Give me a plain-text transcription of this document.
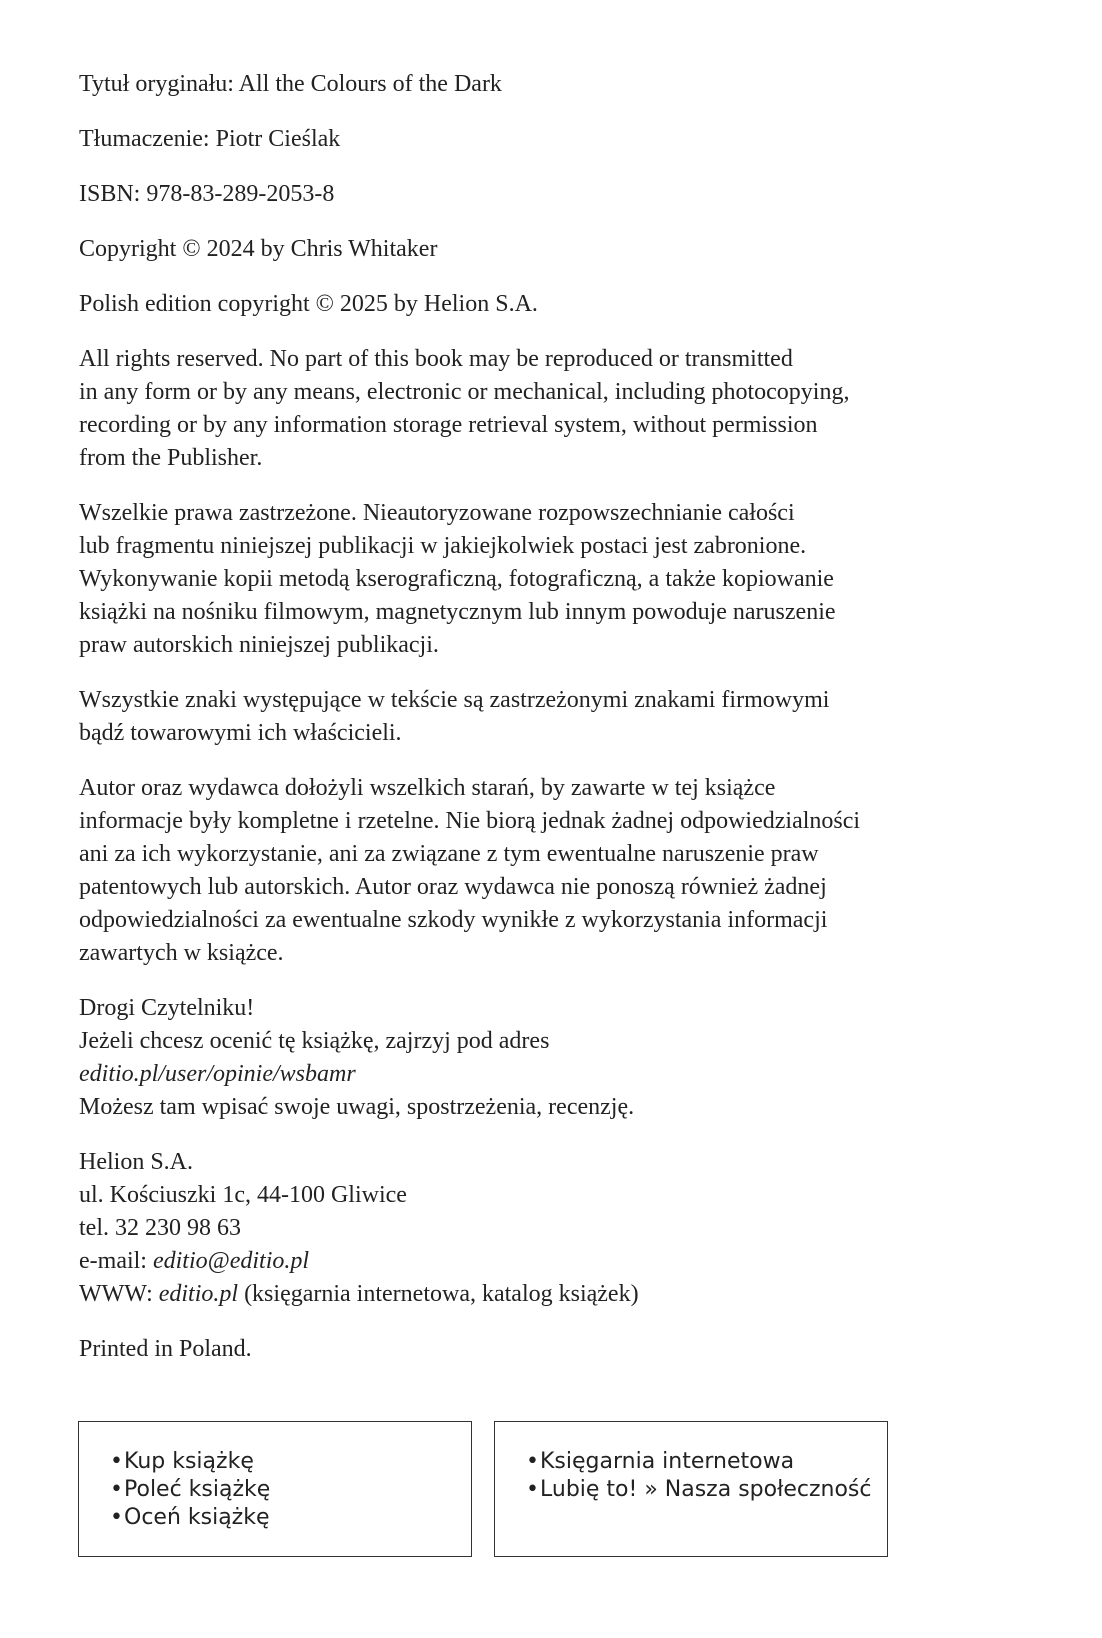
Tytuł oryginału: All the Colours of the Dark

Tłumaczenie: Piotr Cieślak

ISBN: 978-83-289-2053-8

Copyright © 2024 by Chris Whitaker

Polish edition copyright © 2025 by Helion S.A.

All rights reserved. No part of this book may be reproduced or transmitted
in any form or by any means, electronic or mechanical, including photocopying,
recording or by any information storage retrieval system, without permission
from the Publisher.

Wszelkie prawa zastrzeżone. Nieautoryzowane rozpowszechnianie całości
lub fragmentu niniejszej publikacji w jakiejkolwiek postaci jest zabronione.
Wykonywanie kopii metodą kserograficzną, fotograficzną, a także kopiowanie
książki na nośniku filmowym, magnetycznym lub innym powoduje naruszenie
praw autorskich niniejszej publikacji.

Wszystkie znaki występujące w tekście są zastrzeżonymi znakami firmowymi
bądź towarowymi ich właścicieli.

Autor oraz wydawca dołożyli wszelkich starań, by zawarte w tej książce
informacje były kompletne i rzetelne. Nie biorą jednak żadnej odpowiedzialności
ani za ich wykorzystanie, ani za związane z tym ewentualne naruszenie praw
patentowych lub autorskich. Autor oraz wydawca nie ponoszą również żadnej
odpowiedzialności za ewentualne szkody wynikłe z wykorzystania informacji
zawartych w książce.

Drogi Czytelniku!
Jeżeli chcesz ocenić tę książkę, zajrzyj pod adres
editio.pl/user/opinie/wsbamr
Możesz tam wpisać swoje uwagi, spostrzeżenia, recenzję.

Helion S.A.
ul. Kościuszki 1c, 44-100 Gliwice
tel. 32 230 98 63
e-mail: editio@editio.pl
WWW: editio.pl (księgarnia internetowa, katalog książek)

Printed in Poland.

•Kup książkę
•Poleć książkę
•Oceń książkę
•Księgarnia internetowa
•Lubię to! » Nasza społeczność
